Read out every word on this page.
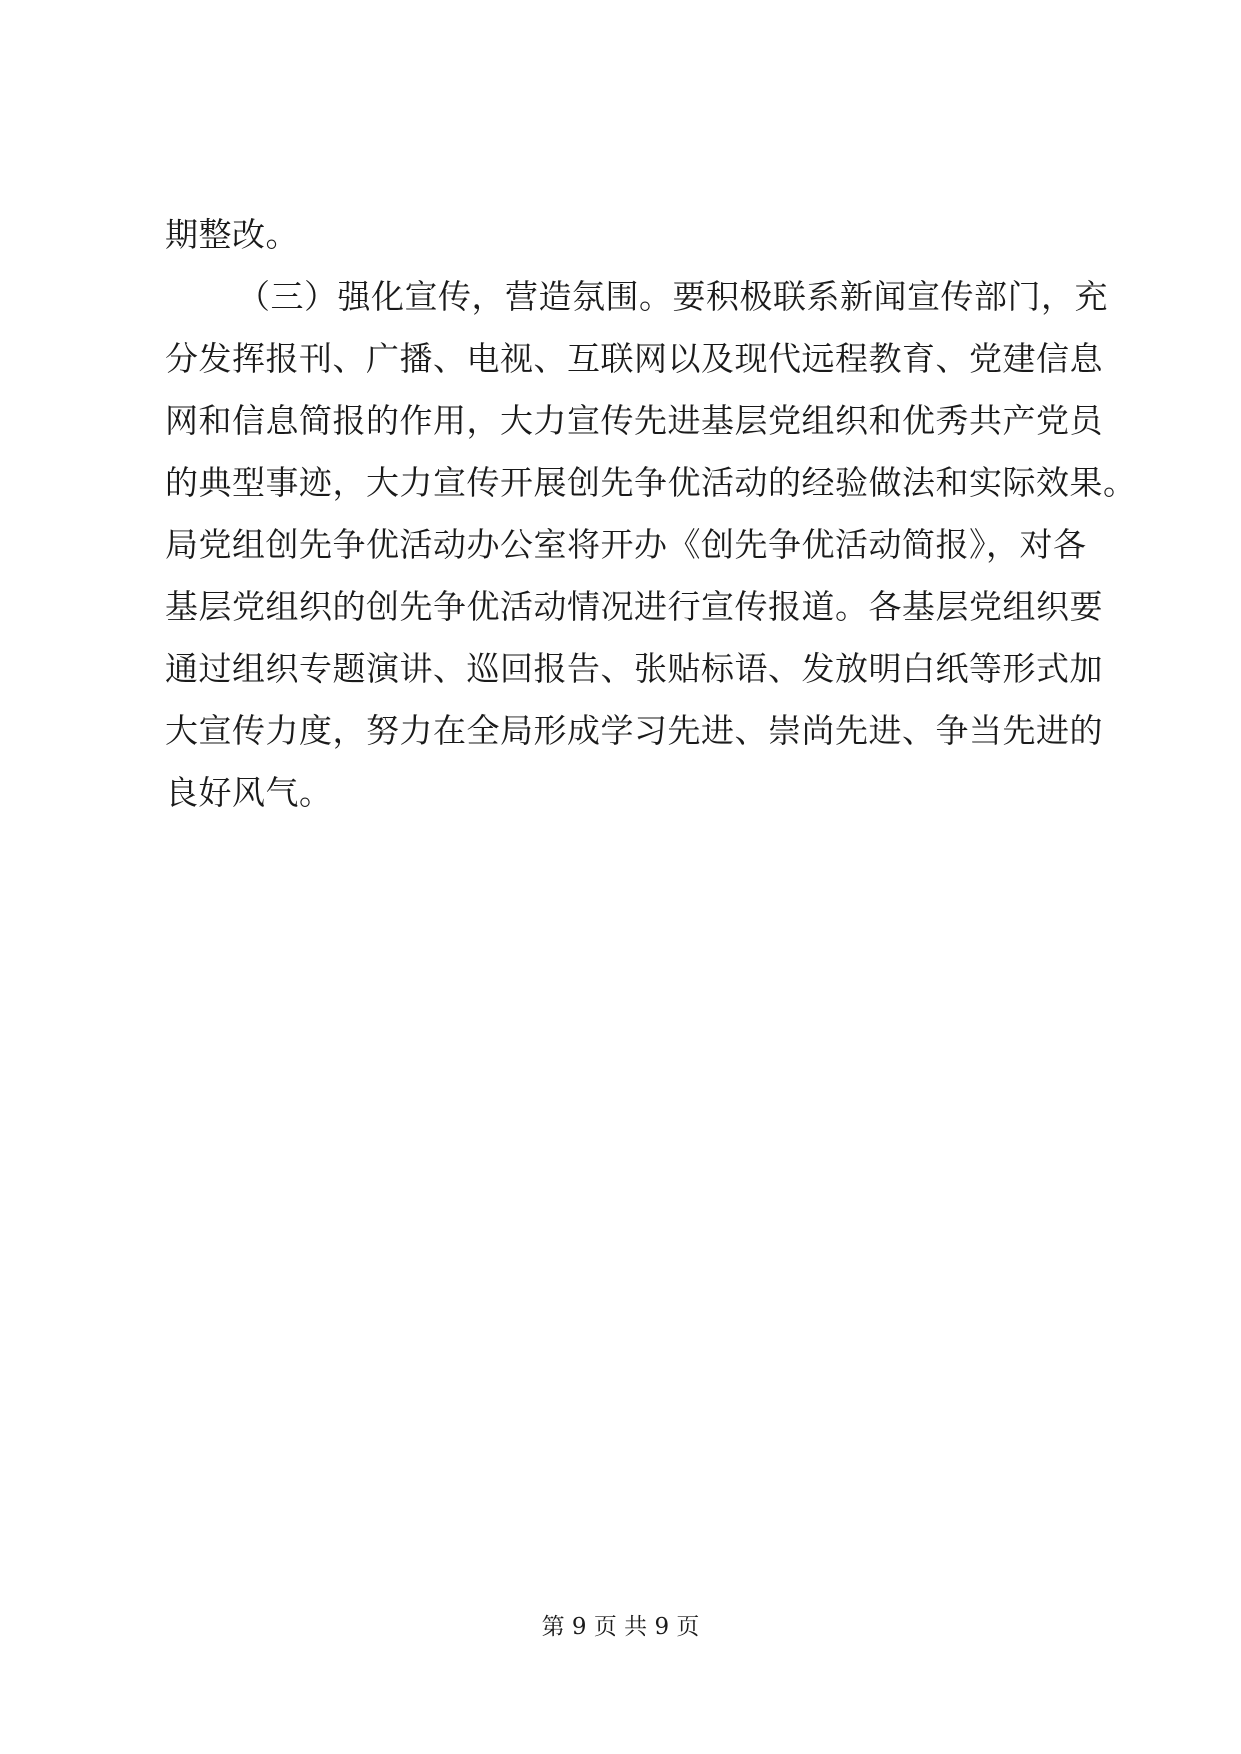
期整改。
（三）强化宣传，营造氛围。要积极联系新闻宣传部门，充
分发挥报刊、广播、电视、互联网以及现代远程教育、党建信息
网和信息简报的作用，大力宣传先进基层党组织和优秀共产党员
的典型事迹，大力宣传开展创先争优活动的经验做法和实际效果。
局党组创先争优活动办公室将开办《创先争优活动简报》，对各
基层党组织的创先争优活动情况进行宣传报道。各基层党组织要
通过组织专题演讲、巡回报告、张贴标语、发放明白纸等形式加
大宣传力度，努力在全局形成学习先进、崇尚先进、争当先进的
良好风气。
第 9 页 共 9 页
